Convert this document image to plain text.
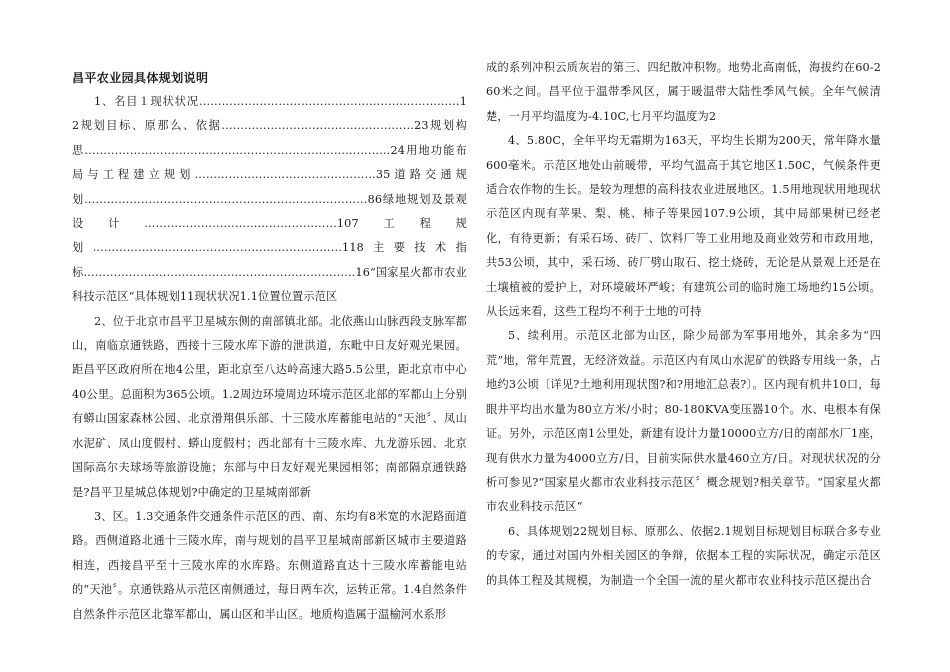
昌平农业园具体规划说明

1、名目１现状状况……………………………………………………………12规划目标、原那么、依据……………………………………………23规划构思………………………………………………………………………24用地功能布局与工程建立规划…………………………………………35道路交通规划…………………………………………………………………86绿地规划及景观设计……………………………………………107工程规划…………………………………………………………118主要技术指标………………………………………………………………16“国家星火都市农业科技示范区“具体规划11现状状况1.1位置位置示范区

2、位于北京市昌平卫星城东侧的南部镇北部。北依燕山山脉西段支脉军都山，南临京通铁路，西接十三陵水库下游的泄洪道，东毗中日友好观光果园。距昌平区政府所在地4公里，距北京至八达岭高速大路5.5公里，距北京市中心40公里。总面积为365公顷。1.2周边环境周边环境示范区北部的军都山上分别有蟒山国家森林公园、北京滑翔俱乐部、十三陵水库蓄能电站的“天池〞、凤山水泥矿、凤山度假村、蟒山度假村；西北部有十三陵水库、九龙游乐园、北京国际高尔夫球场等旅游设施；东部与中日友好观光果园相邻；南部隔京通铁路是?昌平卫星城总体规划?中确定的卫星城南部新

3、区。1.3交通条件交通条件示范区的西、南、东均有8米宽的水泥路面道路。西侧道路北通十三陵水库，南与规划的昌平卫星城南部新区城市主要道路相连，西接昌平至十三陵水库的水库路。东侧道路直达十三陵水库蓄能电站的“天池〞。京通铁路从示范区南侧通过，每日两车次，运转正常。1.4自然条件自然条件示范区北靠军都山，属山区和半山区。地质构造属于温榆河水系形

成的系列冲积云质灰岩的第三、四纪散冲积物。地势北高南低，海拔约在60-260米之间。昌平位于温带季风区，属于暖温带大陆性季风气候。全年气候清楚，一月平均温度为-4.10C,七月平均温度为2

4、5.80C，全年平均无霜期为163天，平均生长期为200天，常年降水量600毫米。示范区地处山前暖带，平均气温高于其它地区1.50C，气候条件更适合农作物的生长。是较为理想的高科技农业进展地区。1.5用地现状用地现状示范区内现有苹果、梨、桃、柿子等果园107.9公顷，其中局部果树已经老化，有待更新；有采石场、砖厂、饮料厂等工业用地及商业效劳和市政用地，共53公顷，其中，采石场、砖厂劈山取石、挖土烧砖，无论是从景观上还是在土壤植被的爱护上，对环境破坏严峻；有建筑公司的临时施工场地约15公顷。从长远来看，这些工程均不利于土地的可持

5、续利用。示范区北部为山区，除少局部为军事用地外，其余多为“四荒”地，常年荒置，无经济效益。示范区内有凤山水泥矿的铁路专用线一条，占地约3公顷〔详见?土地利用现状图?和?用地汇总表?〕。区内现有机井10口，每眼井平均出水量为80立方米/小时；80-180KVA变压器10个。水、电根本有保证。另外，示范区南1公里处，新建有设计力量10000立方/日的南部水厂1座，现有供水力量为4000立方/日，目前实际供水量460立方/日。对现状状况的分析可参见?“国家星火都市农业科技示范区〞概念规划?相关章节。“国家星火都市农业科技示范区“

6、具体规划22规划目标、原那么、依据2.1规划目标规划目标联合多专业的专家，通过对国内外相关园区的争辩，依据本工程的实际状况，确定示范区的具体工程及其规模，为制造一个全国一流的星火都市农业科技示范区提出合
